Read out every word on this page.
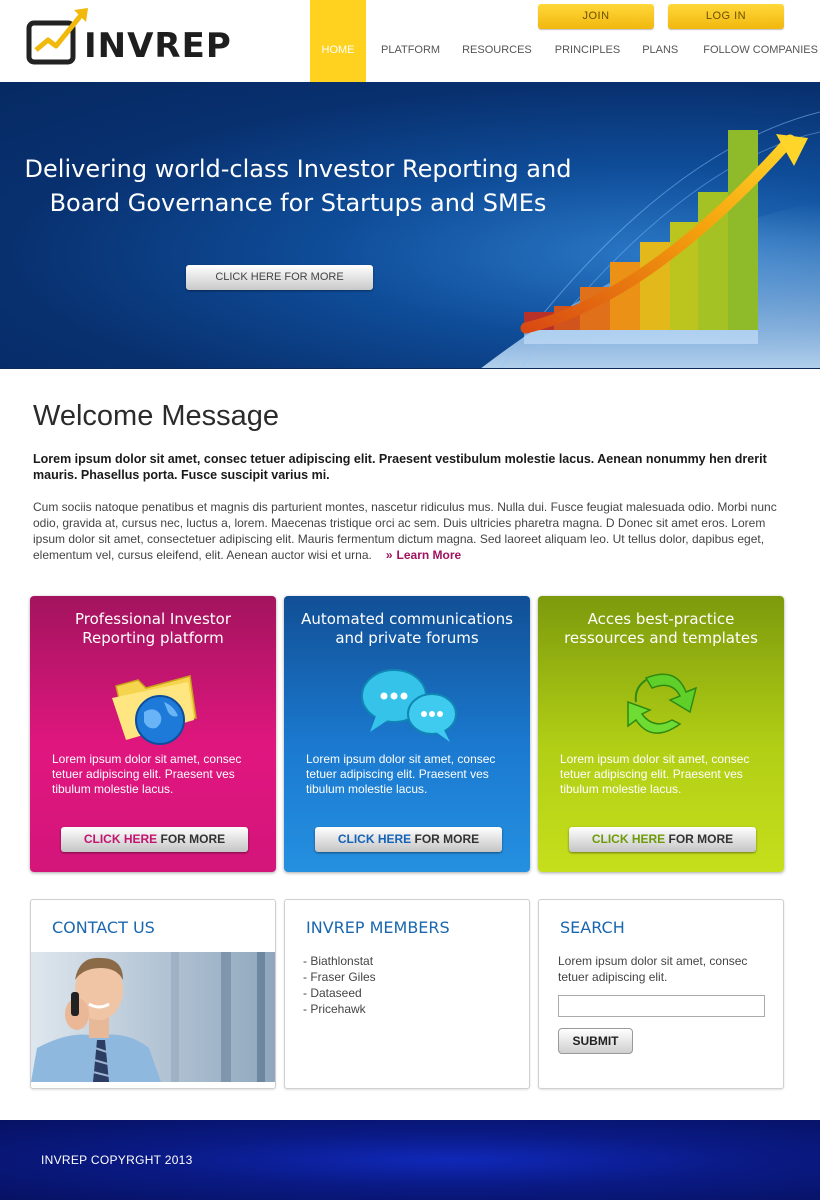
INVREP	HOME	PLATFORM RESOURCES PRINCIPLES PLANS FOLLOW COMPANIES
JOIN	LOG IN
Delivering world-class Investor Reporting and
Board Governance for Startups and SMEs
CLICK HERE FOR MORE
Welcome Message
Lorem ipsum dolor sit amet, consec tetuer adipiscing elit. Praesent vestibulum molestie lacus. Aenean nonummy hen drerit mauris. Phasellus porta. Fusce suscipit varius mi.
Cum sociis natoque penatibus et magnis dis parturient montes, nascetur ridiculus mus. Nulla dui. Fusce feugiat malesuada odio. Morbi nunc odio, gravida at, cursus nec, luctus a, lorem. Maecenas tristique orci ac sem. Duis ultricies pharetra magna. D Donec sit amet eros. Lorem ipsum dolor sit amet, consectetuer adipiscing elit. Mauris fermentum dictum magna. Sed laoreet aliquam leo. Ut tellus dolor, dapibus eget, elementum vel, cursus eleifend, elit. Aenean auctor wisi et urna. » Learn More
Professional Investor
Reporting platform
Lorem ipsum dolor sit amet, consec tetuer adipiscing elit. Praesent ves tibulum molestie lacus.
CLICK HERE FOR MORE
Automated communications
and private forums
Lorem ipsum dolor sit amet, consec tetuer adipiscing elit. Praesent ves tibulum molestie lacus.
CLICK HERE FOR MORE
Acces best-practice
ressources and templates
Lorem ipsum dolor sit amet, consec tetuer adipiscing elit. Praesent ves tibulum molestie lacus.
CLICK HERE FOR MORE
CONTACT US	INVREP MEMBERS
- Biathlonstat
- Fraser Giles
- Dataseed
- Pricehawk
SEARCH
Lorem ipsum dolor sit amet, consec tetuer adipiscing elit.
SUBMIT
INVREP COPYRGHT 2013
